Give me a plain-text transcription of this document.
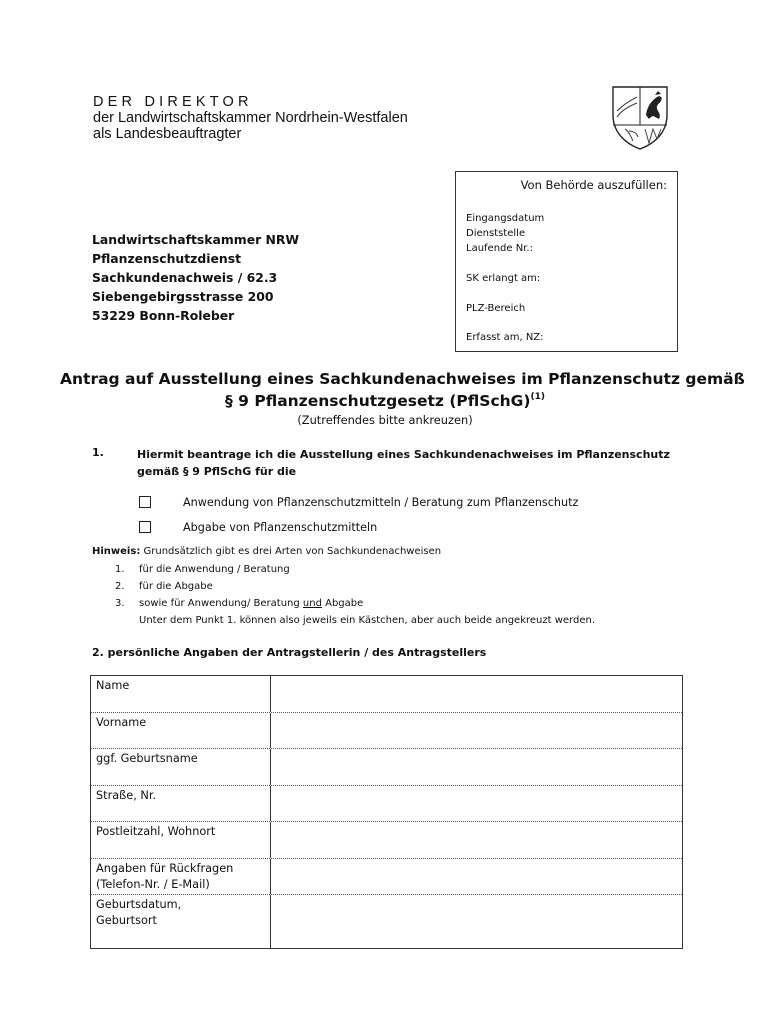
DER DIREKTOR
der Landwirtschaftskammer Nordrhein-Westfalen
als Landesbeauftragter
Von Behörde auszufüllen:
Eingangsdatum
Dienststelle
Laufende Nr.:
SK erlangt am:
PLZ-Bereich
Erfasst am, NZ:
Landwirtschaftskammer NRW
Pflanzenschutzdienst
Sachkundenachweis / 62.3
Siebengebirgsstrasse 200
53229 Bonn-Roleber
Antrag auf Ausstellung eines Sachkundenachweises im Pflanzenschutz gemäß
§ 9 Pflanzenschutzgesetz (PflSchG)$^{(1)}$
(Zutreffendes bitte ankreuzen)
1.	Hiermit beantrage ich die Ausstellung eines Sachkundenachweises im Pflanzenschutz
gemäß § 9 PflSchG für die
Anwendung von Pflanzenschutzmitteln / Beratung zum Pflanzenschutz
Abgabe von Pflanzenschutzmitteln
Hinweis: Grundsätzlich gibt es drei Arten von Sachkundenachweisen
1. für die Anwendung / Beratung
2. für die Abgabe
3. sowie für Anwendung/ Beratung und Abgabe
Unter dem Punkt 1. können also jeweils ein Kästchen, aber auch beide angekreuzt werden.
2. persönliche Angaben der Antragstellerin / des Antragstellers
Name
Vorname
ggf. Geburtsname
Straße, Nr.
Postleitzahl, Wohnort
Angaben für Rückfragen
(Telefon-Nr. / E-Mail)
Geburtsdatum,
Geburtsort
